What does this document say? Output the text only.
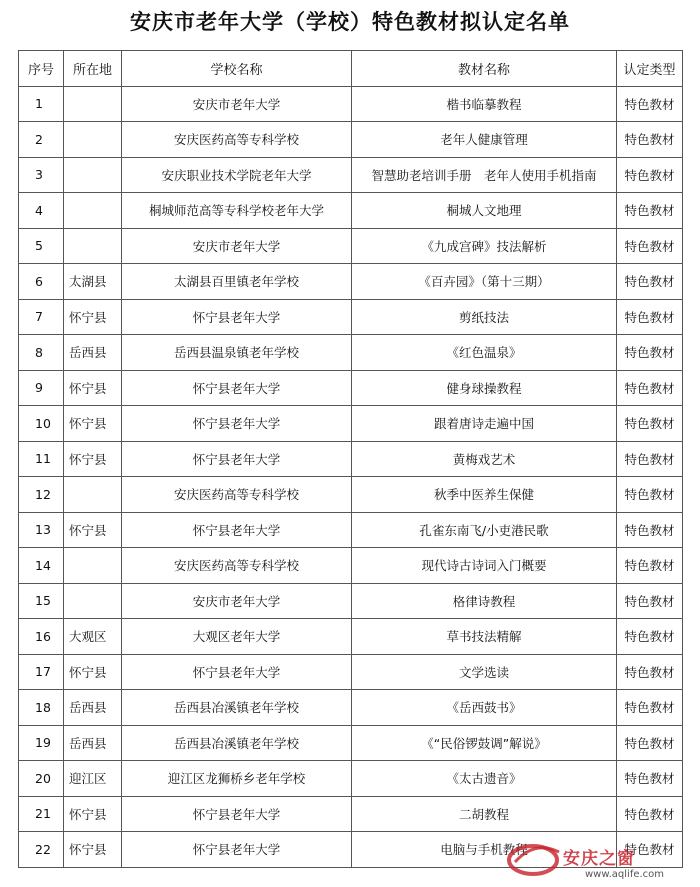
安庆市老年大学（学校）特色教材拟认定名单
序号	所在地	学校名称	教材名称	认定类型
1		安庆市老年大学	楷书临摹教程	特色教材
2		安庆医药高等专科学校	老年人健康管理	特色教材
3		安庆职业技术学院老年大学	智慧助老培训手册　老年人使用手机指南	特色教材
4		桐城师范高等专科学校老年大学	桐城人文地理	特色教材
5		安庆市老年大学	《九成宫碑》技法解析	特色教材
6	太湖县	太湖县百里镇老年学校	《百卉园》（第十三期）	特色教材
7	怀宁县	怀宁县老年大学	剪纸技法	特色教材
8	岳西县	岳西县温泉镇老年学校	《红色温泉》	特色教材
9	怀宁县	怀宁县老年大学	健身球操教程	特色教材
10	怀宁县	怀宁县老年大学	跟着唐诗走遍中国	特色教材
11	怀宁县	怀宁县老年大学	黄梅戏艺术	特色教材
12		安庆医药高等专科学校	秋季中医养生保健	特色教材
13	怀宁县	怀宁县老年大学	孔雀东南飞/小吏港民歌	特色教材
14		安庆医药高等专科学校	现代诗古诗词入门概要	特色教材
15		安庆市老年大学	格律诗教程	特色教材
16	大观区	大观区老年大学	草书技法精解	特色教材
17	怀宁县	怀宁县老年大学	文学选读	特色教材
18	岳西县	岳西县冶溪镇老年学校	《岳西鼓书》	特色教材
19	岳西县	岳西县冶溪镇老年学校	《“民俗锣鼓调”解说》	特色教材
20	迎江区	迎江区龙狮桥乡老年学校	《太古遗音》	特色教材
21	怀宁县	怀宁县老年大学	二胡教程	特色教材
22	怀宁县	怀宁县老年大学	电脑与手机教程	特色教材
安庆之窗
www.aqlife.com
